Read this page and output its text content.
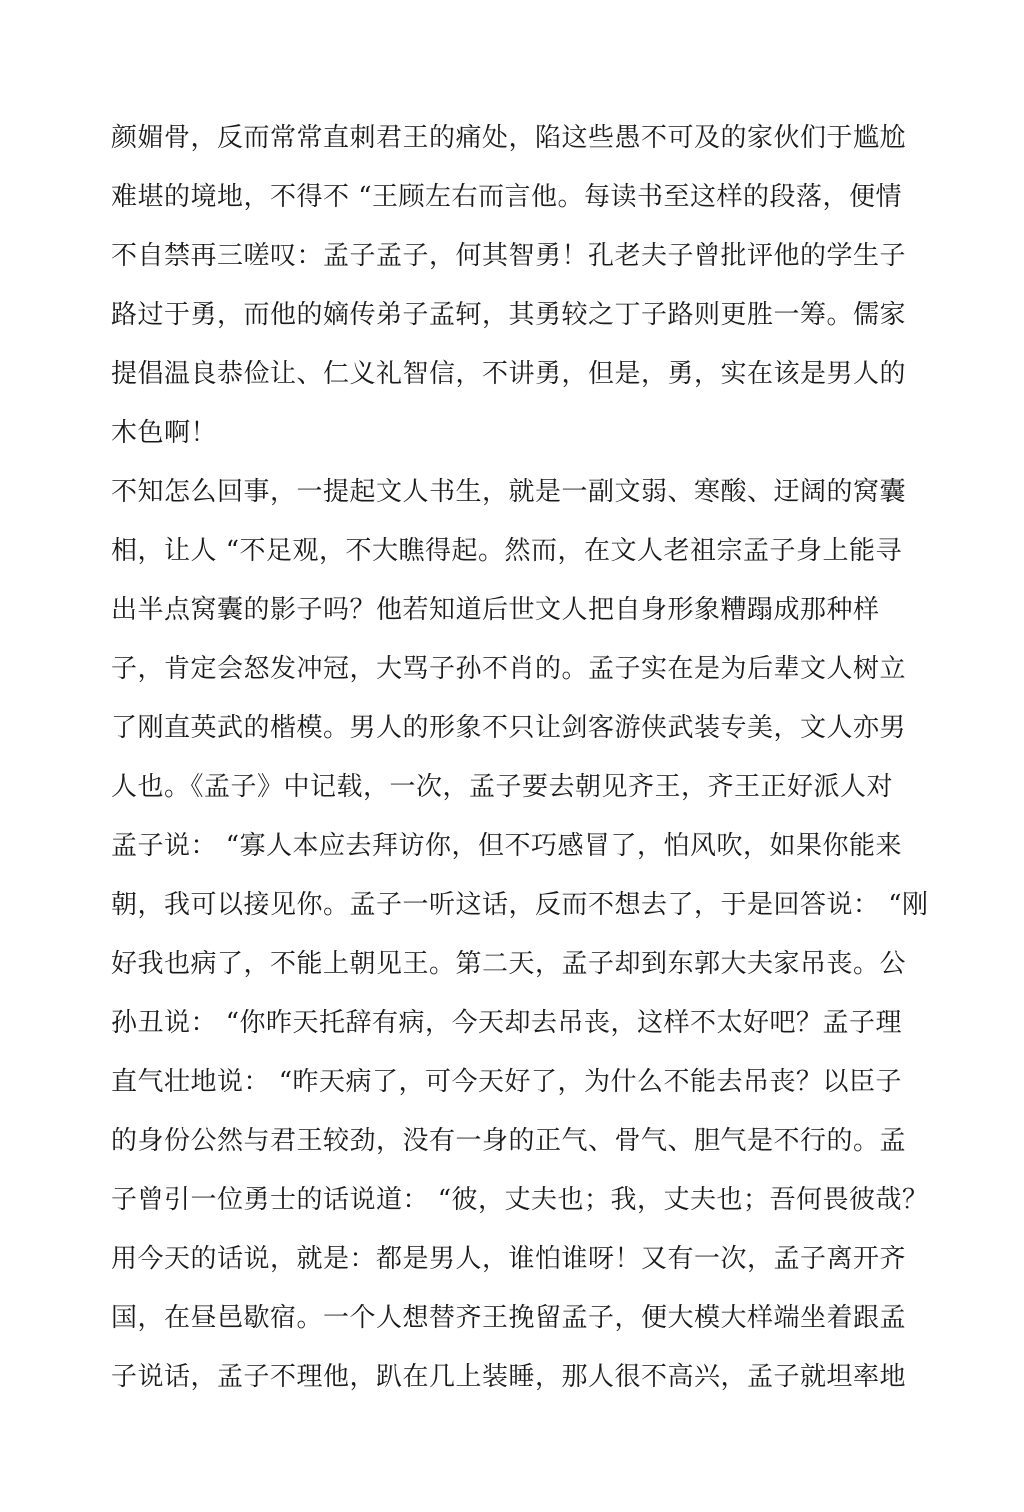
颜媚骨，反而常常直刺君王的痛处，陷这些愚不可及的家伙们于尴尬
难堪的境地，不得不 “王顾左右而言他。每读书至这样的段落，便情
不自禁再三嗟叹：孟子孟子，何其智勇！孔老夫子曾批评他的学生子
路过于勇，而他的嫡传弟子孟轲，其勇较之丁子路则更胜一筹。儒家
提倡温良恭俭让、仁义礼智信，不讲勇，但是，勇，实在该是男人的
木色啊！
不知怎么回事，一提起文人书生，就是一副文弱、寒酸、迂阔的窝囊
相，让人 “不足观，不大瞧得起。然而，在文人老祖宗孟子身上能寻
出半点窝囊的影子吗？他若知道后世文人把自身形象糟蹋成那种样
子，肯定会怒发冲冠，大骂子孙不肖的。孟子实在是为后辈文人树立
了刚直英武的楷模。男人的形象不只让剑客游侠武装专美，文人亦男
人也。《孟子》中记载，一次，孟子要去朝见齐王，齐王正好派人对
孟子说： “寡人本应去拜访你，但不巧感冒了，怕风吹，如果你能来
朝，我可以接见你。孟子一听这话，反而不想去了，于是回答说： “刚
好我也病了，不能上朝见王。第二天，孟子却到东郭大夫家吊丧。公
孙丑说： “你昨天托辞有病，今天却去吊丧，这样不太好吧？孟子理
直气壮地说： “昨天病了，可今天好了，为什么不能去吊丧？以臣子
的身份公然与君王较劲，没有一身的正气、骨气、胆气是不行的。孟
子曾引一位勇士的话说道： “彼，丈夫也；我，丈夫也；吾何畏彼哉？
用今天的话说，就是：都是男人，谁怕谁呀！又有一次，孟子离开齐
国，在昼邑歇宿。一个人想替齐王挽留孟子，便大模大样端坐着跟孟
子说话，孟子不理他，趴在几上装睡，那人很不高兴，孟子就坦率地
